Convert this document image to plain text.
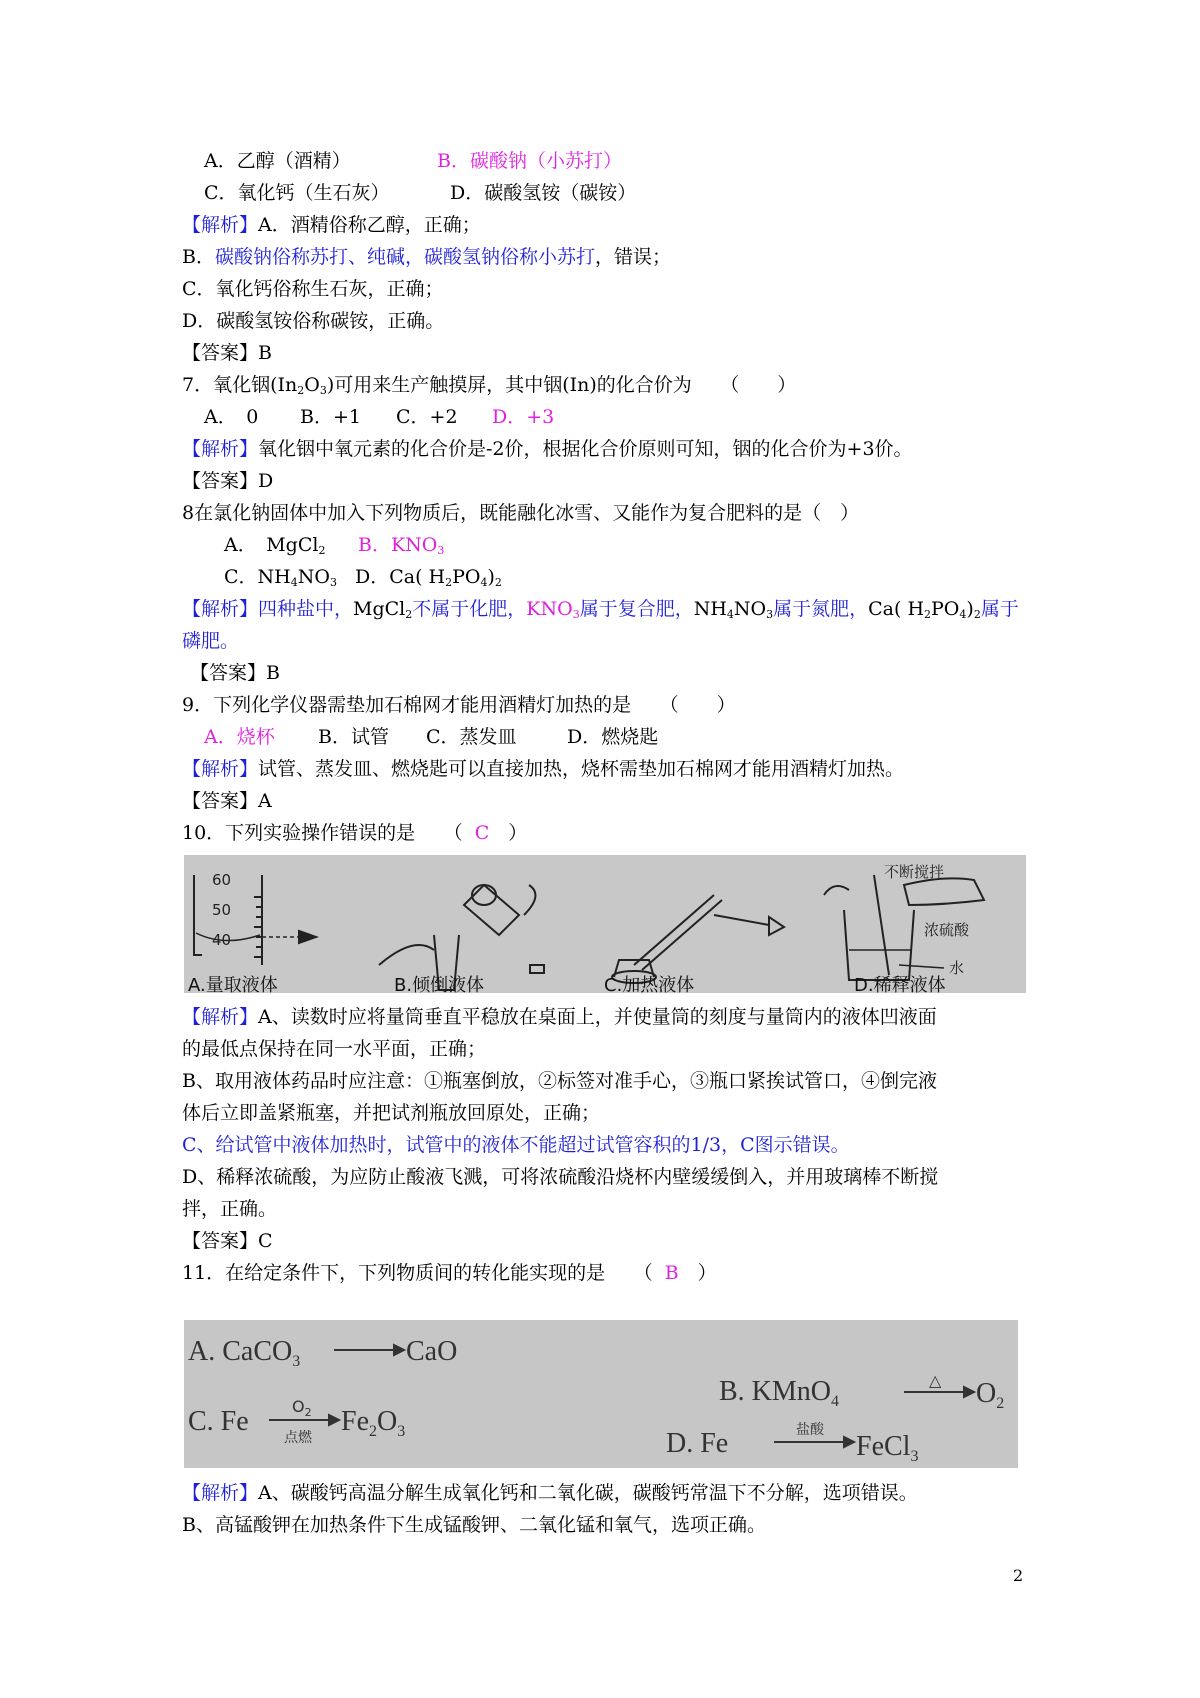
A．乙醇（酒精）	B．碳酸钠（小苏打）
C．氧化钙（生石灰）	D．碳酸氢铵（碳铵）
【解析】A．酒精俗称乙醇，正确；
B．碳酸钠俗称苏打、纯碱，碳酸氢钠俗称小苏打，错误；
C．氧化钙俗称生石灰，正确；
D．碳酸氢铵俗称碳铵，正确。
【答案】B
7．氧化铟$(In_2O_3)$可用来生产触摸屏，其中铟(In)的化合价为　　（　　）
A．　0 B．+1 C．+2 D．+3
【解析】氧化铟中氧元素的化合价是-2价，根据化合价原则可知，铟的化合价为+3价。
【答案】D
8在氯化钠固体中加入下列物质后，既能融化冰雪、又能作为复合肥料的是（　）
A．　MgCl$_2$ B．$KNO_3$
C．$NH_4NO_3$ D．Ca( $H_2PO_4)_2$
【解析】四种盐中，MgCl$_2$不属于化肥，$KNO_3$属于复合肥，$NH_4NO_3$属于氮肥，Ca( $H_2PO_4)_2$属于
磷肥。
【答案】B
9．下列化学仪器需垫加石棉网才能用酒精灯加热的是　　（　　）
A．烧杯 B．试管 C．蒸发皿	D．燃烧匙
【解析】试管、蒸发皿、燃烧匙可以直接加热，烧杯需垫加石棉网才能用酒精灯加热。
【答案】A
10．下列实验操作错误的是　　（ C　）
60
50
40
不断搅拌
浓硫酸
水
A.量取液体	B.倾倒液体	C.加热液体	D.稀释液体
【解析】A、读数时应将量筒垂直平稳放在桌面上，并使量筒的刻度与量筒内的液体凹液面
的最低点保持在同一水平面，正确；
B、取用液体药品时应注意：①瓶塞倒放，②标签对准手心，③瓶口紧挨试管口，④倒完液
体后立即盖紧瓶塞，并把试剂瓶放回原处，正确；
C、给试管中液体加热时，试管中的液体不能超过试管容积的1/3，C图示错误。
D、稀释浓硫酸，为应防止酸液飞溅，可将浓硫酸沿烧杯内壁缓缓倒入，并用玻璃棒不断搅
拌，正确。
【答案】C
11．在给定条件下，下列物质间的转化能实现的是　　（ B　）
A. CaCO$_3$	CaO
B. KMnO$_4$	$O_2$
C. Fe	$Fe_2O_3$	D. Fe	FeCl$_3$
△
$O_2$
点燃	盐酸
【解析】A、碳酸钙高温分解生成氧化钙和二氧化碳，碳酸钙常温下不分解，选项错误。
B、高锰酸钾在加热条件下生成锰酸钾、二氧化锰和氧气，选项正确。
2
